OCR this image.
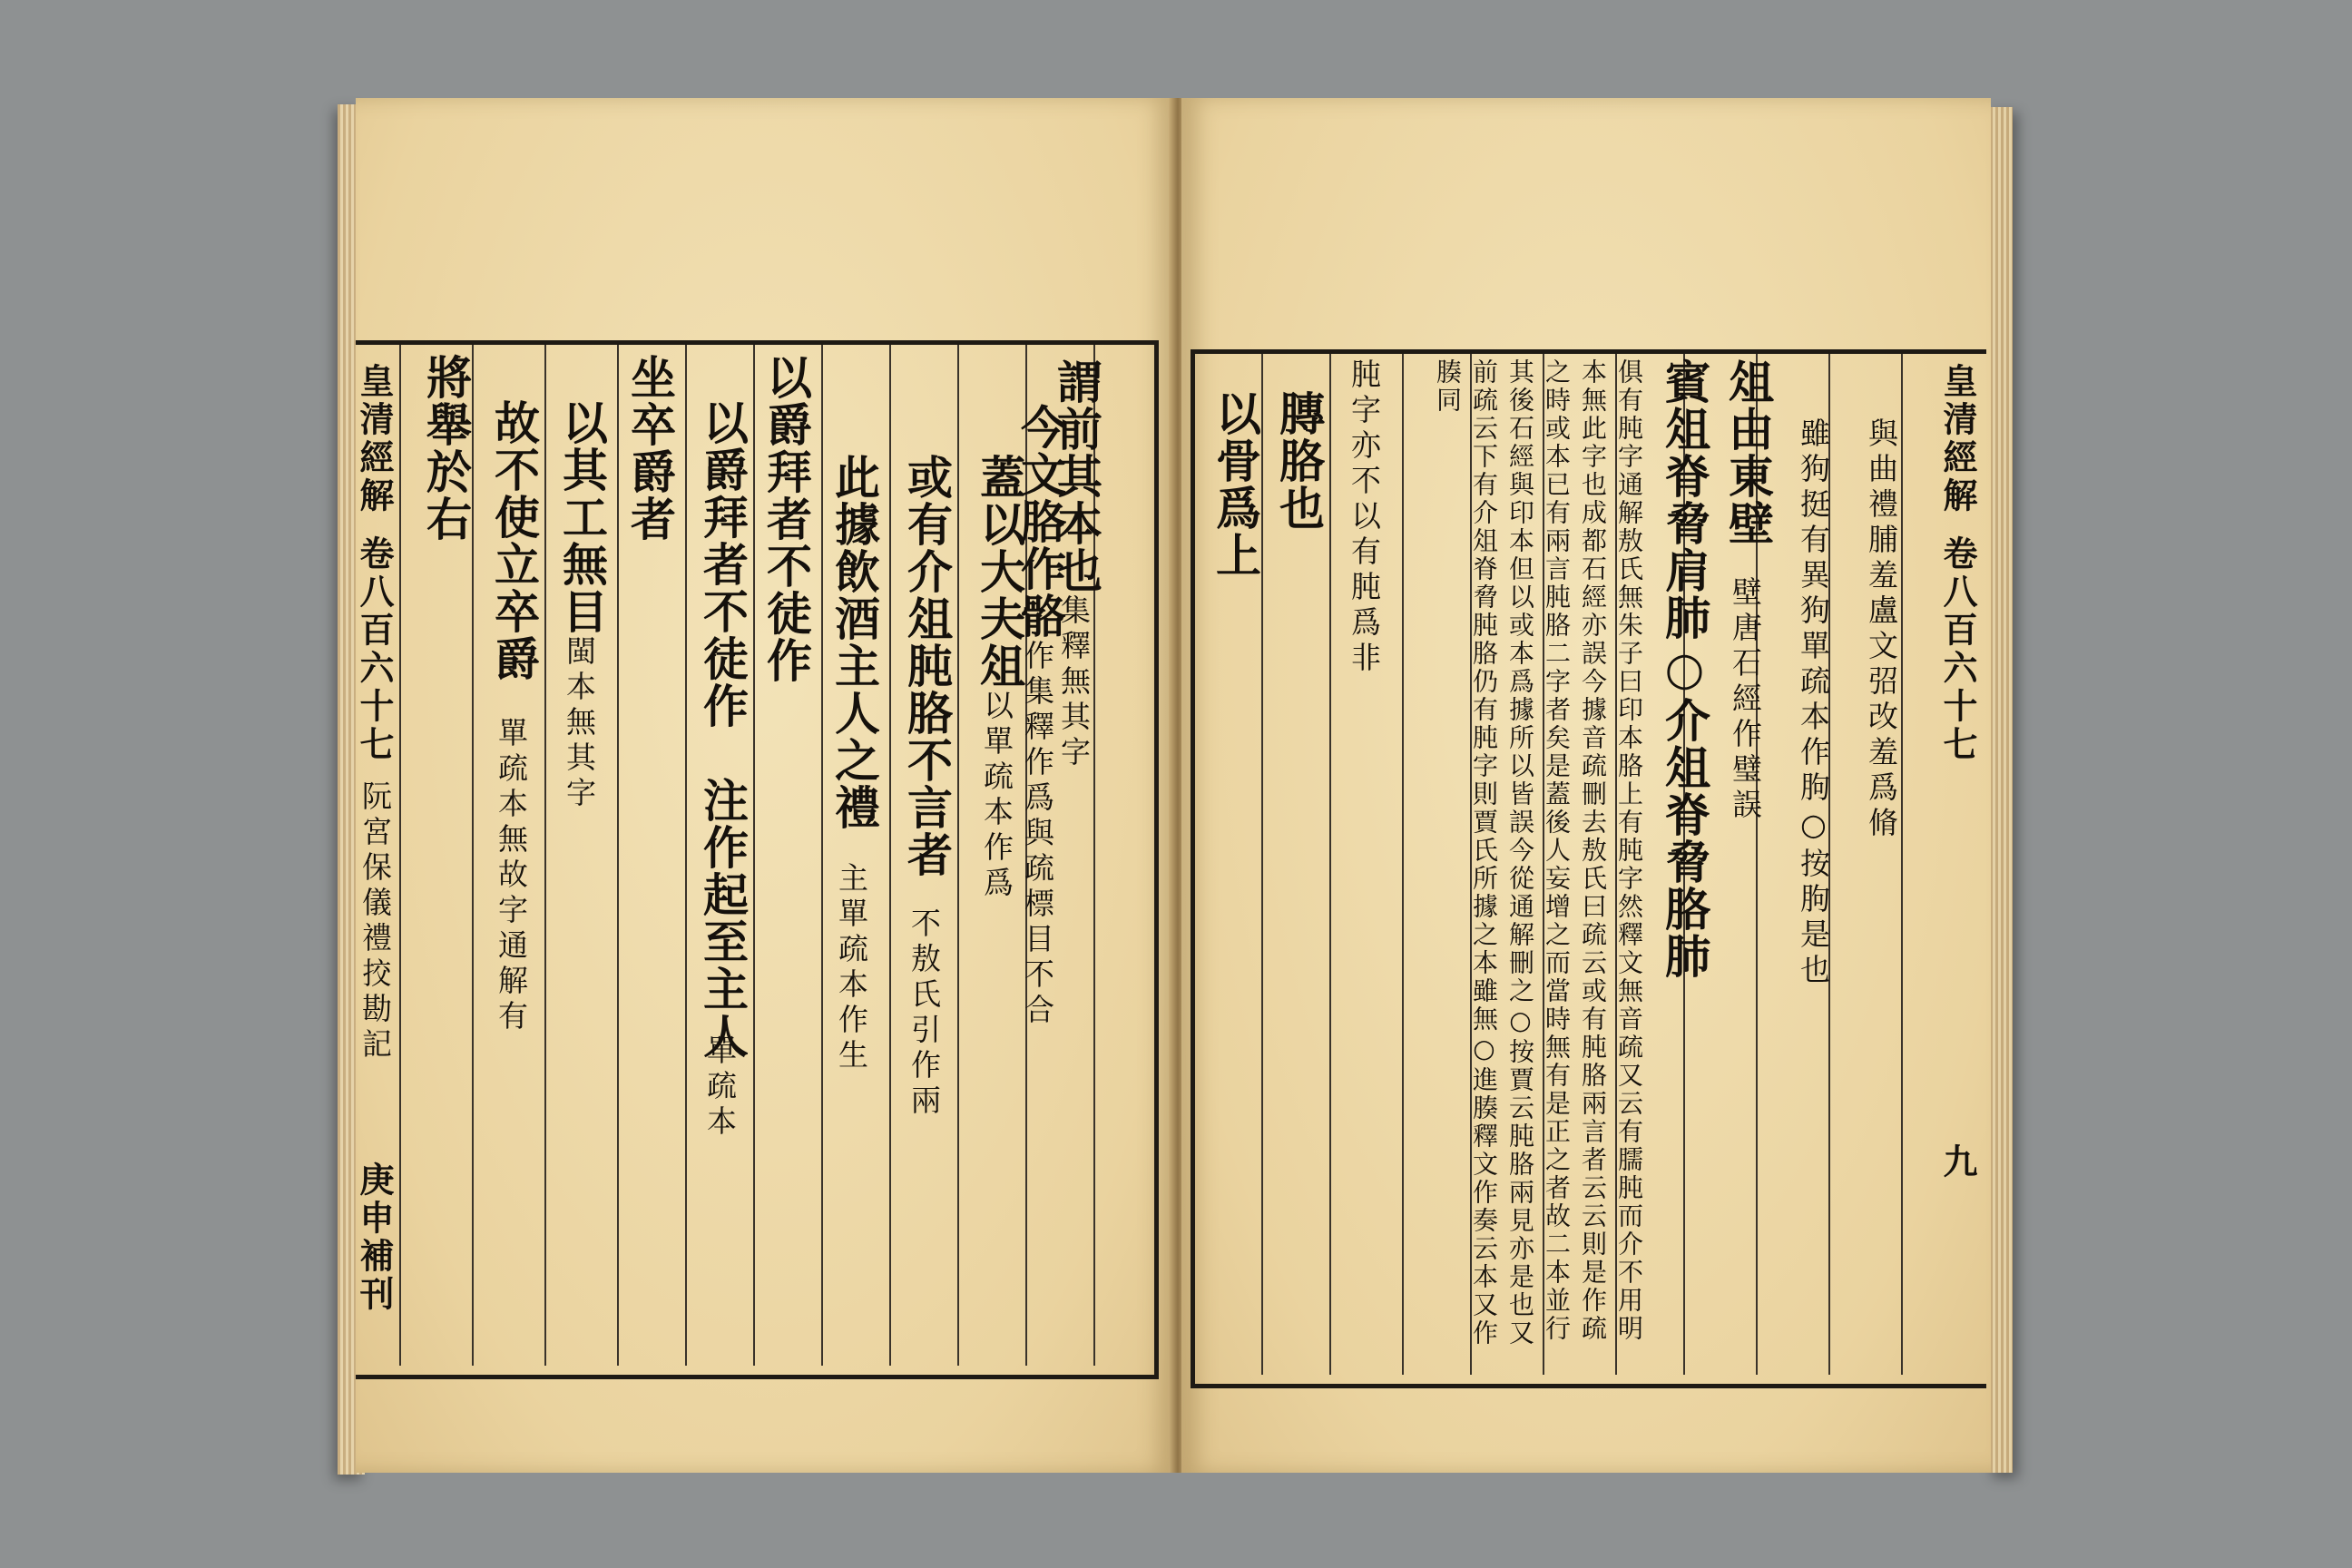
謂前其本也
集釋無其字
今文胳作骼
作集釋作爲與疏標目不合
蓋以大夫俎
以單疏本作爲
或有介俎肫胳不言者
不敖氏引作兩
此據飲酒主人之禮
主單疏本作生
以爵拜者不徒作
以爵拜者不徒作　注作起至主人
單疏本
坐卒爵者
以其工無目
閩本無其字
故不使立卒爵
單疏本無故字通解有
將舉於右
皇清經解
卷八百六十七
阮宮保儀禮挍勘記
庚申補刊
皇清經解
卷八百六十七
九
與曲禮脯羞盧文弨改羞爲脩
雖狗挺有異狗單疏本作朐○按朐是也
俎由東壁
壁唐石經作璧誤
賓俎脊脅肩肺○介俎脊脅胳肺
俱有肫字通解敖氏無朱子曰印本胳上有肫字然釋文無音疏又云有臑肫而介不用明本無此字也成都石經亦誤今據音疏刪去敖氏曰疏云或有肫胳兩言者云云則是作疏之時或本已有兩言肫胳二字者矣是蓋後人妄增之而當時無有是正之者故二本並行其後石經與印本但以或本爲據所以皆誤今從通解刪之○按賈云肫胳兩見亦是也又前疏云下有介俎脊脅肫胳仍有肫字則賈氏所據之本雖無○進腠釋文作奏云本又作腠同
肫字亦不以有肫爲非
膞胳也
以骨爲上
